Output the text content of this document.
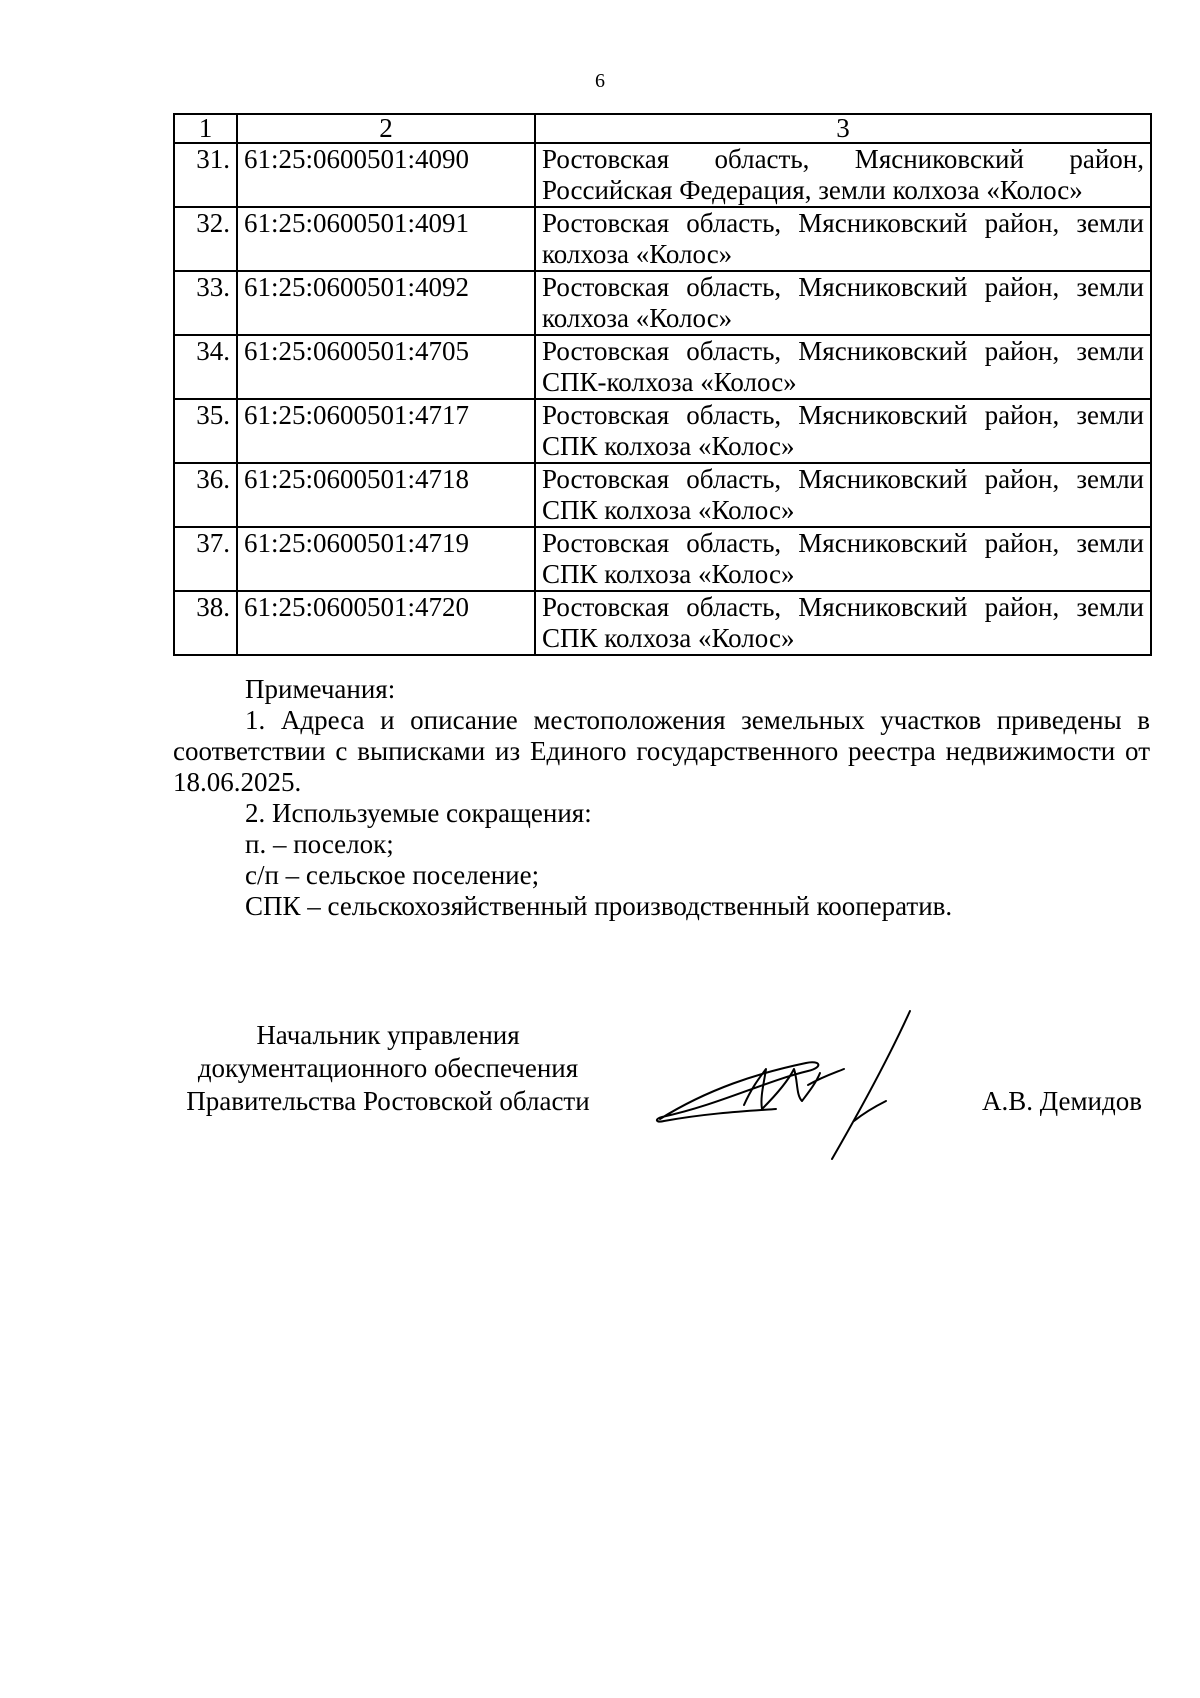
6
1	2	3
31.	61:25:0600501:4090	Ростовская область, Мясниковский район,
Российская Федерация, земли колхоза «Колос»

32.	61:25:0600501:4091	Ростовская область, Мясниковский район, земли
колхоза «Колос»

33.	61:25:0600501:4092	Ростовская область, Мясниковский район, земли
колхоза «Колос»

34.	61:25:0600501:4705	Ростовская область, Мясниковский район, земли
СПК-колхоза «Колос»

35.	61:25:0600501:4717	Ростовская область, Мясниковский район, земли
СПК колхоза «Колос»

36.	61:25:0600501:4718	Ростовская область, Мясниковский район, земли
СПК колхоза «Колос»

37.	61:25:0600501:4719	Ростовская область, Мясниковский район, земли
СПК колхоза «Колос»

38.	61:25:0600501:4720	Ростовская область, Мясниковский район, земли
СПК колхоза «Колос»

Примечания:

1. Адреса и описание местоположения земельных участков приведены в соответствии с выписками из Единого государственного реестра недвижимости от 18.06.2025.

2. Используемые сокращения:

п. – поселок;

с/п – сельское поселение;

СПК – сельскохозяйственный производственный кооператив.

Начальник управления
документационного обеспечения
Правительства Ростовской области	А.В. Демидов
